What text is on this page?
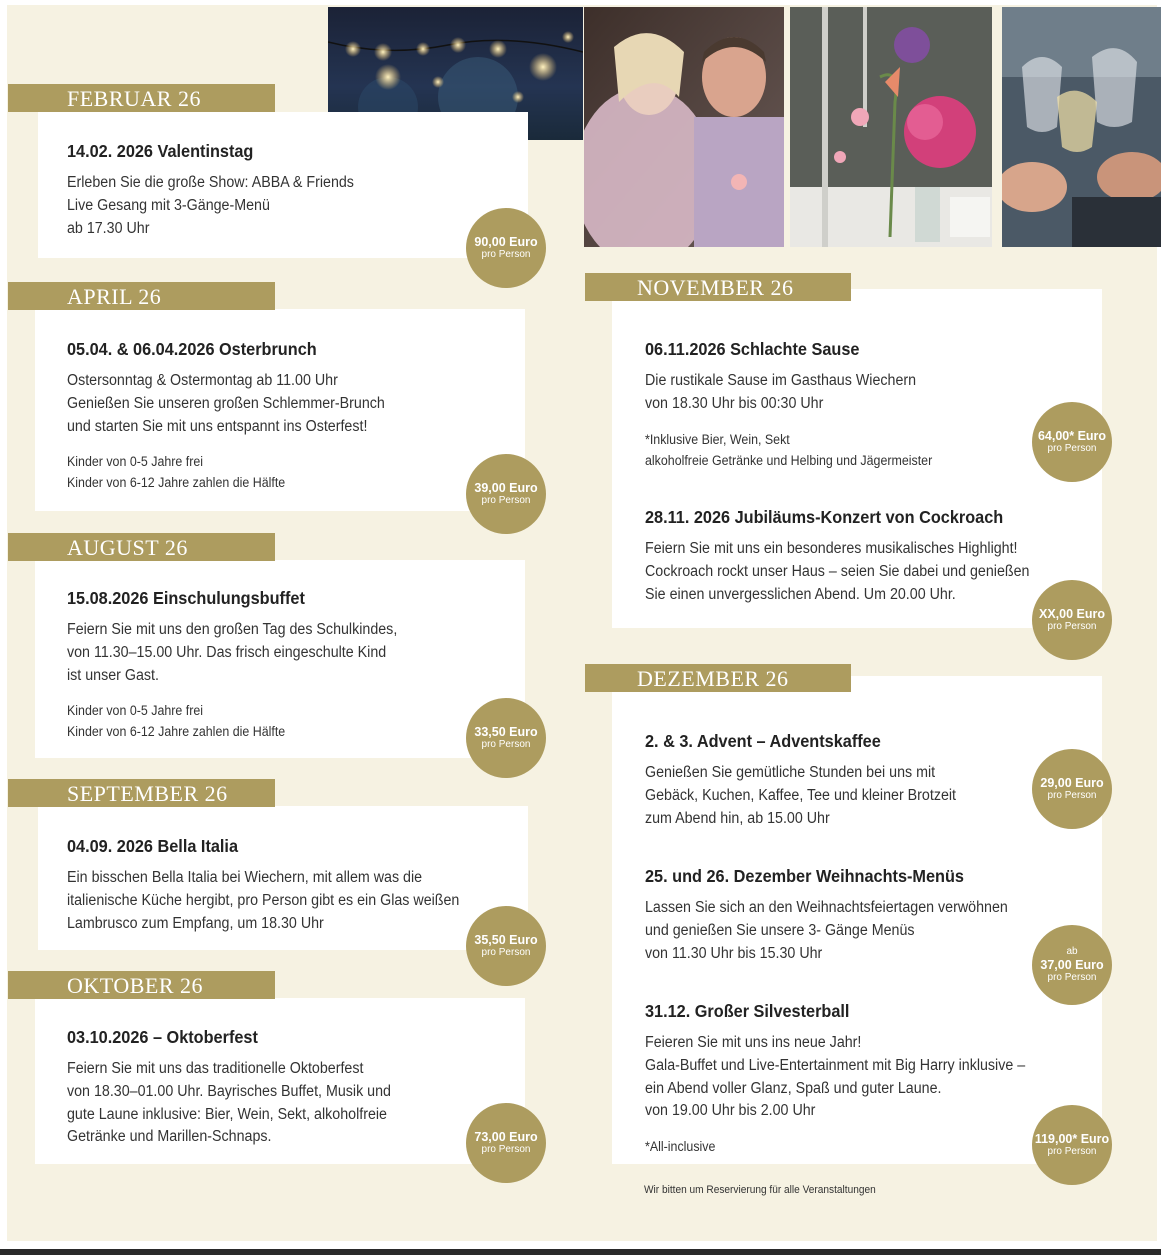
FEBRUAR 26
APRIL 26
AUGUST 26
SEPTEMBER 26
OKTOBER 26
NOVEMBER 26
DEZEMBER 26
14.02. 2026 Valentinstag
Erleben Sie die große Show: ABBA & Friends
Live Gesang mit 3-Gänge-Menü
ab 17.30 Uhr
05.04. & 06.04.2026 Osterbrunch
Ostersonntag & Ostermontag ab 11.00 Uhr
Genießen Sie unseren großen Schlemmer-Brunch
und starten Sie mit uns entspannt ins Osterfest!
Kinder von 0-5 Jahre frei
Kinder von 6-12 Jahre zahlen die Hälfte
15.08.2026 Einschulungsbuffet
Feiern Sie mit uns den großen Tag des Schulkindes,
von 11.30–15.00 Uhr. Das frisch eingeschulte Kind
ist unser Gast.
Kinder von 0-5 Jahre frei
Kinder von 6-12 Jahre zahlen die Hälfte
04.09. 2026 Bella Italia
Ein bisschen Bella Italia bei Wiechern, mit allem was die
italienische Küche hergibt, pro Person gibt es ein Glas weißen
Lambrusco zum Empfang, um 18.30 Uhr
03.10.2026 – Oktoberfest
Feiern Sie mit uns das traditionelle Oktoberfest
von 18.30–01.00 Uhr. Bayrisches Buffet, Musik und
gute Laune inklusive: Bier, Wein, Sekt, alkoholfreie
Getränke und Marillen-Schnaps.
06.11.2026 Schlachte Sause
Die rustikale Sause im Gasthaus Wiechern
von 18.30 Uhr bis 00:30 Uhr
*Inklusive Bier, Wein, Sekt
alkoholfreie Getränke und Helbing und Jägermeister
28.11. 2026 Jubiläums-Konzert von Cockroach
Feiern Sie mit uns ein besonderes musikalisches Highlight!
Cockroach rockt unser Haus – seien Sie dabei und genießen
Sie einen unvergesslichen Abend. Um 20.00 Uhr.
2. & 3. Advent – Adventskaffee
Genießen Sie gemütliche Stunden bei uns mit
Gebäck, Kuchen, Kaffee, Tee und kleiner Brotzeit
zum Abend hin, ab 15.00 Uhr
25. und 26. Dezember Weihnachts-Menüs
Lassen Sie sich an den Weihnachtsfeiertagen verwöhnen
und genießen Sie unsere 3- Gänge Menüs
von 11.30 Uhr bis 15.30 Uhr
31.12. Großer Silvesterball
Feieren Sie mit uns ins neue Jahr!
Gala-Buffet und Live-Entertainment mit Big Harry inklusive –
ein Abend voller Glanz, Spaß und guter Laune.
von 19.00 Uhr bis 2.00 Uhr
*All-inclusive
Wir bitten um Reservierung für alle Veranstaltungen
90,00 Euro
pro Person
39,00 Euro
pro Person
33,50 Euro
pro Person
35,50 Euro
pro Person
73,00 Euro
pro Person
64,00* Euro
pro Person
XX,00 Euro
pro Person
29,00 Euro
pro Person
ab
37,00 Euro
pro Person
119,00* Euro
pro Person
